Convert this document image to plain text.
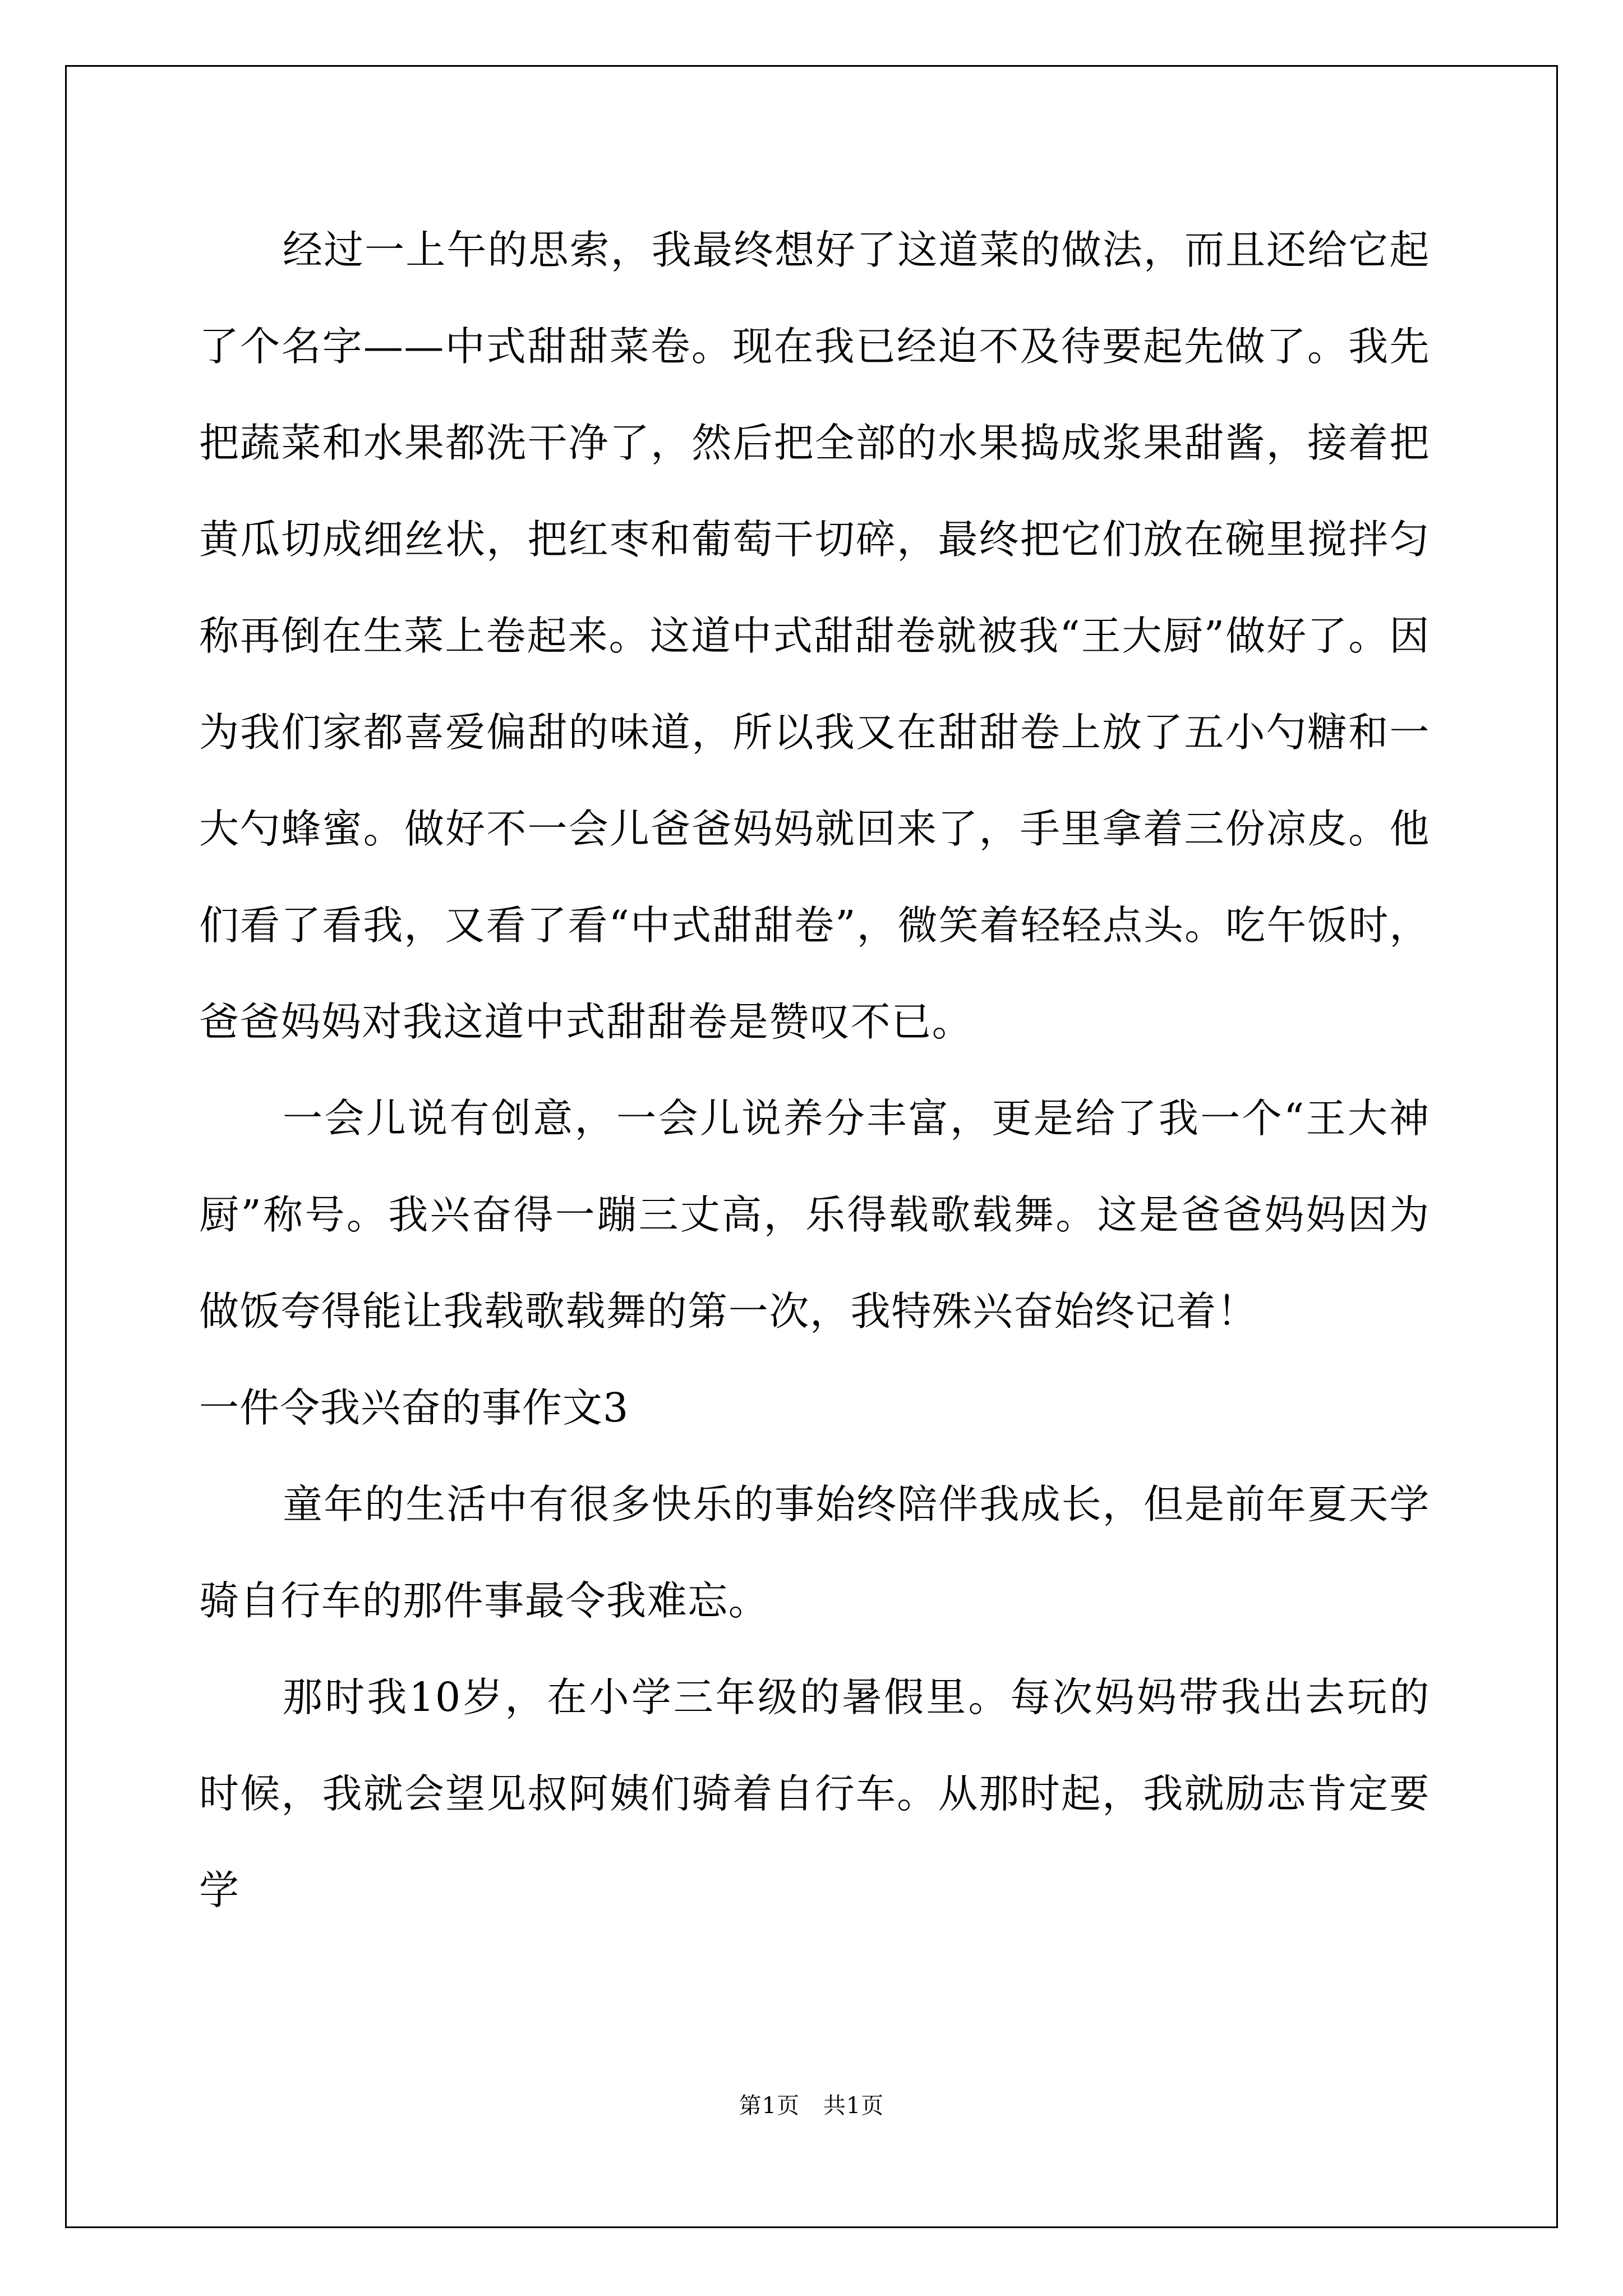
经过一上午的思索，我最终想好了这道菜的做法，而且还给它起了个名字——中式甜甜菜卷。现在我已经迫不及待要起先做了。我先把蔬菜和水果都洗干净了，然后把全部的水果捣成浆果甜酱，接着把黄瓜切成细丝状，把红枣和葡萄干切碎，最终把它们放在碗里搅拌匀称再倒在生菜上卷起来。这道中式甜甜卷就被我“王大厨”做好了。因为我们家都喜爱偏甜的味道，所以我又在甜甜卷上放了五小勺糖和一大勺蜂蜜。做好不一会儿爸爸妈妈就回来了，手里拿着三份凉皮。他们看了看我，又看了看“中式甜甜卷”，微笑着轻轻点头。吃午饭时，爸爸妈妈对我这道中式甜甜卷是赞叹不已。

一会儿说有创意，一会儿说养分丰富，更是给了我一个“王大神厨”称号。我兴奋得一蹦三丈高，乐得载歌载舞。这是爸爸妈妈因为做饭夸得能让我载歌载舞的第一次，我特殊兴奋始终记着！

一件令我兴奋的事作文3

童年的生活中有很多快乐的事始终陪伴我成长，但是前年夏天学骑自行车的那件事最令我难忘。

那时我10岁，在小学三年级的暑假里。每次妈妈带我出去玩的时候，我就会望见叔阿姨们骑着自行车。从那时起，我就励志肯定要学

第1页 共1页
